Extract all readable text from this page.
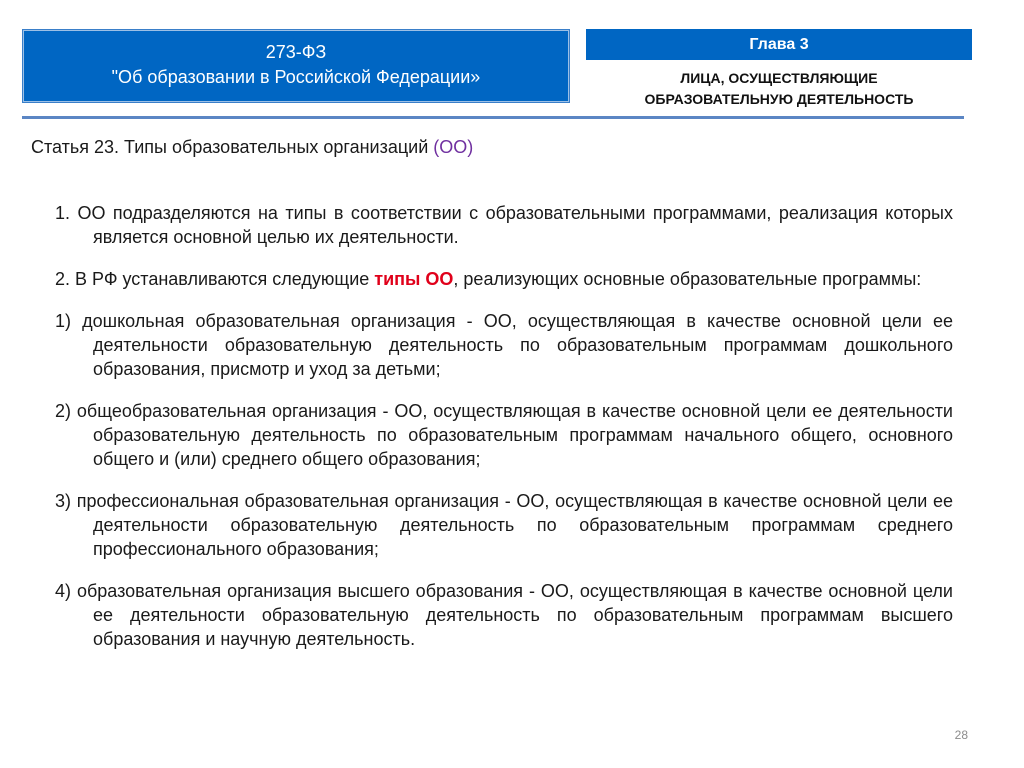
273-ФЗ
"Об образовании в Российской Федерации»
Глава 3
ЛИЦА, ОСУЩЕСТВЛЯЮЩИЕ
ОБРАЗОВАТЕЛЬНУЮ ДЕЯТЕЛЬНОСТЬ
Статья 23. Типы образовательных организаций (ОО)

1. ОО подразделяются на типы в соответствии с образовательными программами, реализация которых является основной целью их деятельности.

2. В РФ устанавливаются следующие типы ОО, реализующих основные образовательные программы:

1) дошкольная образовательная организация - ОО, осуществляющая в качестве основной цели ее деятельности образовательную деятельность по образовательным программам дошкольного образования, присмотр и уход за детьми;

2) общеобразовательная организация - ОО, осуществляющая в качестве основной цели ее деятельности образовательную деятельность по образовательным программам начального общего, основного общего и (или) среднего общего образования;

3) профессиональная образовательная организация - ОО, осуществляющая в качестве основной цели ее деятельности образовательную деятельность по образовательным программам среднего профессионального образования;

4) образовательная организация высшего образования - ОО, осуществляющая в качестве основной цели ее деятельности образовательную деятельность по образовательным программам высшего образования и научную деятельность.

28
